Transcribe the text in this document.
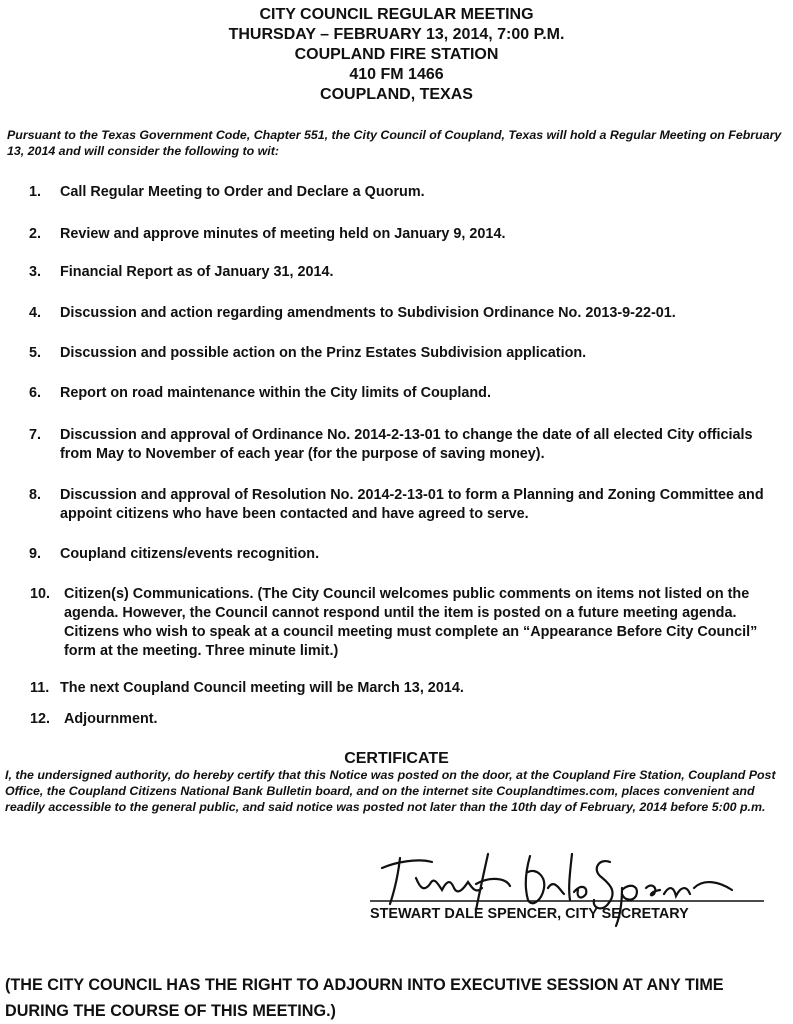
CITY COUNCIL REGULAR MEETING
THURSDAY – FEBRUARY 13, 2014, 7:00 P.M.
COUPLAND FIRE STATION
410 FM 1466
COUPLAND, TEXAS
Pursuant to the Texas Government Code, Chapter 551, the City Council of Coupland, Texas will hold a Regular Meeting on February 13, 2014 and will consider the following to wit:
1. Call Regular Meeting to Order and Declare a Quorum.
2. Review and approve minutes of meeting held on January 9, 2014.
3. Financial Report as of January 31, 2014.
4. Discussion and action regarding amendments to Subdivision Ordinance No. 2013-9-22-01.
5. Discussion and possible action on the Prinz Estates Subdivision application.
6. Report on road maintenance within the City limits of Coupland.
7. Discussion and approval of Ordinance No. 2014-2-13-01 to change the date of all elected City officials from May to November of each year (for the purpose of saving money).
8. Discussion and approval of Resolution No. 2014-2-13-01 to form a Planning and Zoning Committee and appoint citizens who have been contacted and have agreed to serve.
9. Coupland citizens/events recognition.
10. Citizen(s) Communications. (The City Council welcomes public comments on items not listed on the agenda. However, the Council cannot respond until the item is posted on a future meeting agenda. Citizens who wish to speak at a council meeting must complete an “Appearance Before City Council” form at the meeting. Three minute limit.)
11. The next Coupland Council meeting will be March 13, 2014.
12. Adjournment.
CERTIFICATE
I, the undersigned authority, do hereby certify that this Notice was posted on the door, at the Coupland Fire Station, Coupland Post Office, the Coupland Citizens National Bank Bulletin board, and on the internet site Couplandtimes.com, places convenient and readily accessible to the general public, and said notice was posted not later than the 10th day of February, 2014 before 5:00 p.m.
STEWART DALE SPENCER, CITY SECRETARY
(THE CITY COUNCIL HAS THE RIGHT TO ADJOURN INTO EXECUTIVE SESSION AT ANY TIME DURING THE COURSE OF THIS MEETING.)
